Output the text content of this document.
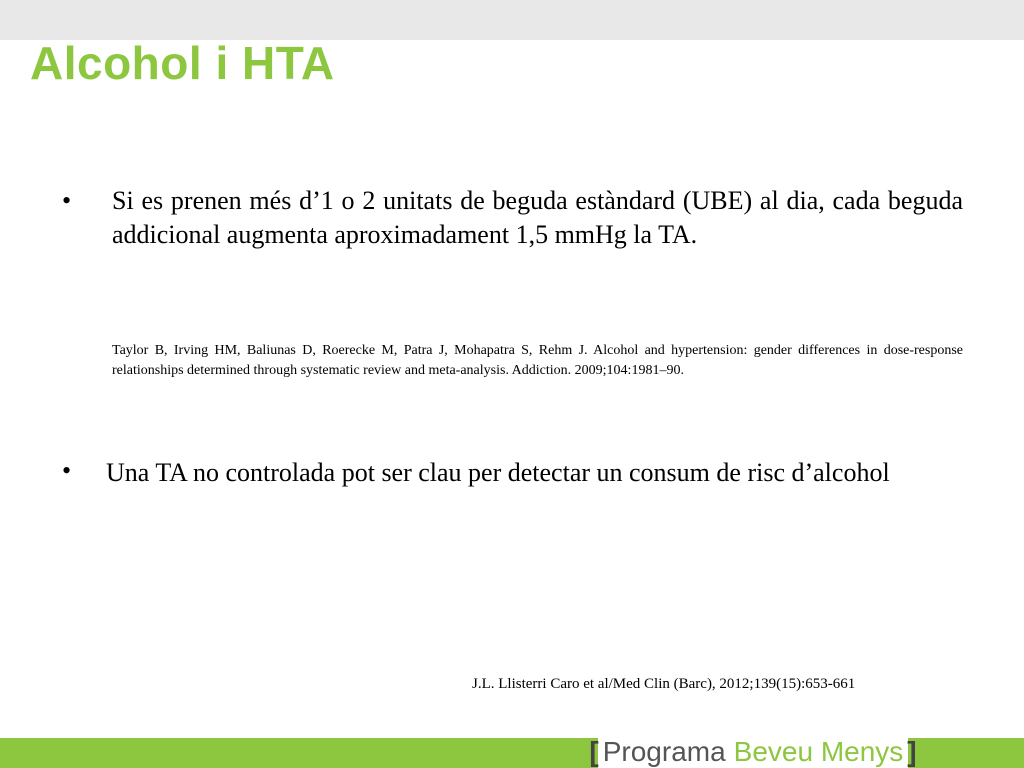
Alcohol i HTA
• Si es prenen més d’1 o 2 unitats de beguda estàndard (UBE) al dia, cada beguda addicional augmenta aproximadament 1,5 mmHg la TA.
Taylor B, Irving HM, Baliunas D, Roerecke M, Patra J, Mohapatra S, Rehm J. Alcohol and hypertension: gender differences in dose-response relationships determined through systematic review and meta-analysis. Addiction. 2009;104:1981–90.
• Una TA no controlada pot ser clau per detectar un consum de risc d’alcohol
J.L. Llisterri Caro et al/Med Clin (Barc), 2012;139(15):653-661
[ Programa Beveu Menys ]
